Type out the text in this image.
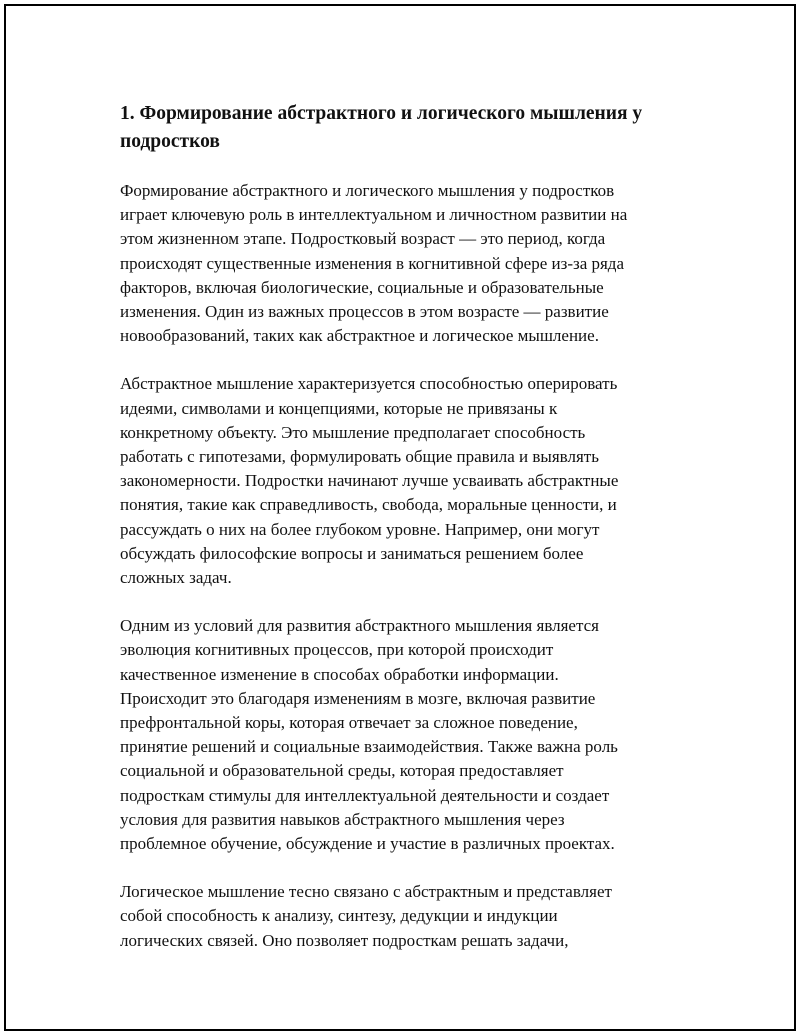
1. Формирование абстрактного и логического мышления у
подростков
Формирование абстрактного и логического мышления у подростков
играет ключевую роль в интеллектуальном и личностном развитии на
этом жизненном этапе. Подростковый возраст — это период, когда
происходят существенные изменения в когнитивной сфере из-за ряда
факторов, включая биологические, социальные и образовательные
изменения. Один из важных процессов в этом возрасте — развитие
новообразований, таких как абстрактное и логическое мышление.
Абстрактное мышление характеризуется способностью оперировать
идеями, символами и концепциями, которые не привязаны к
конкретному объекту. Это мышление предполагает способность
работать с гипотезами, формулировать общие правила и выявлять
закономерности. Подростки начинают лучше усваивать абстрактные
понятия, такие как справедливость, свобода, моральные ценности, и
рассуждать о них на более глубоком уровне. Например, они могут
обсуждать философские вопросы и заниматься решением более
сложных задач.
Одним из условий для развития абстрактного мышления является
эволюция когнитивных процессов, при которой происходит
качественное изменение в способах обработки информации.
Происходит это благодаря изменениям в мозге, включая развитие
префронтальной коры, которая отвечает за сложное поведение,
принятие решений и социальные взаимодействия. Также важна роль
социальной и образовательной среды, которая предоставляет
подросткам стимулы для интеллектуальной деятельности и создает
условия для развития навыков абстрактного мышления через
проблемное обучение, обсуждение и участие в различных проектах.
Логическое мышление тесно связано с абстрактным и представляет
собой способность к анализу, синтезу, дедукции и индукции
логических связей. Оно позволяет подросткам решать задачи,
